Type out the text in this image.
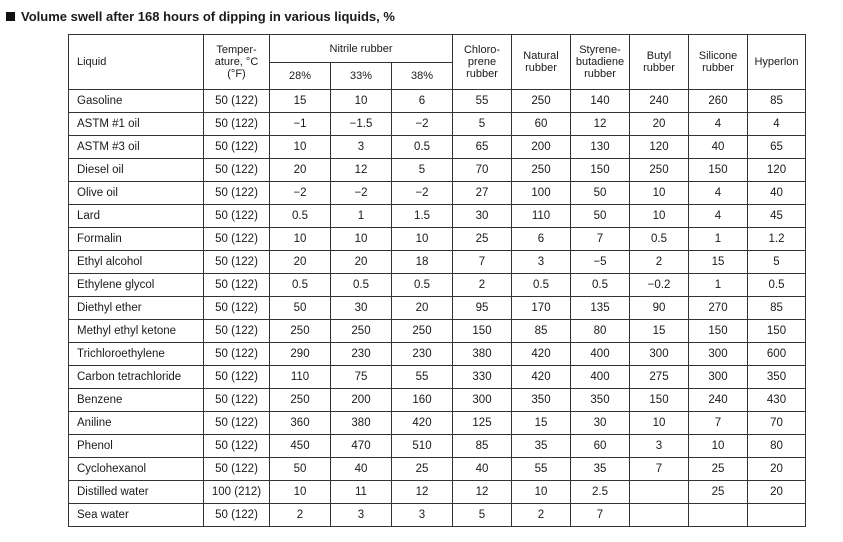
Volume swell after 168 hours of dipping in various liquids, %
Liquid	Temper-ature, °C (°F)	Nitrile rubber			Chloro-prene rubber	Natural rubber	Styrene-butadiene rubber	Butyl rubber	Silicone rubber	Hyperlon
		28%	33%	38%						
Gasoline	50 (122)	15	10	6	55	250	140	240	260	85
ASTM #1 oil	50 (122)	−1	−1.5	−2	5	60	12	20	4	4
ASTM #3 oil	50 (122)	10	3	0.5	65	200	130	120	40	65
Diesel oil	50 (122)	20	12	5	70	250	150	250	150	120
Olive oil	50 (122)	−2	−2	−2	27	100	50	10	4	40
Lard	50 (122)	0.5	1	1.5	30	110	50	10	4	45
Formalin	50 (122)	10	10	10	25	6	7	0.5	1	1.2
Ethyl alcohol	50 (122)	20	20	18	7	3	−5	2	15	5
Ethylene glycol	50 (122)	0.5	0.5	0.5	2	0.5	0.5	−0.2	1	0.5
Diethyl ether	50 (122)	50	30	20	95	170	135	90	270	85
Methyl ethyl ketone	50 (122)	250	250	250	150	85	80	15	150	150
Trichloroethylene	50 (122)	290	230	230	380	420	400	300	300	600
Carbon tetrachloride	50 (122)	110	75	55	330	420	400	275	300	350
Benzene	50 (122)	250	200	160	300	350	350	150	240	430
Aniline	50 (122)	360	380	420	125	15	30	10	7	70
Phenol	50 (122)	450	470	510	85	35	60	3	10	80
Cyclohexanol	50 (122)	50	40	25	40	55	35	7	25	20
Distilled water	100 (212)	10	11	12	12	10	2.5		25	20
Sea water	50 (122)	2	3	3	5	2	7			
